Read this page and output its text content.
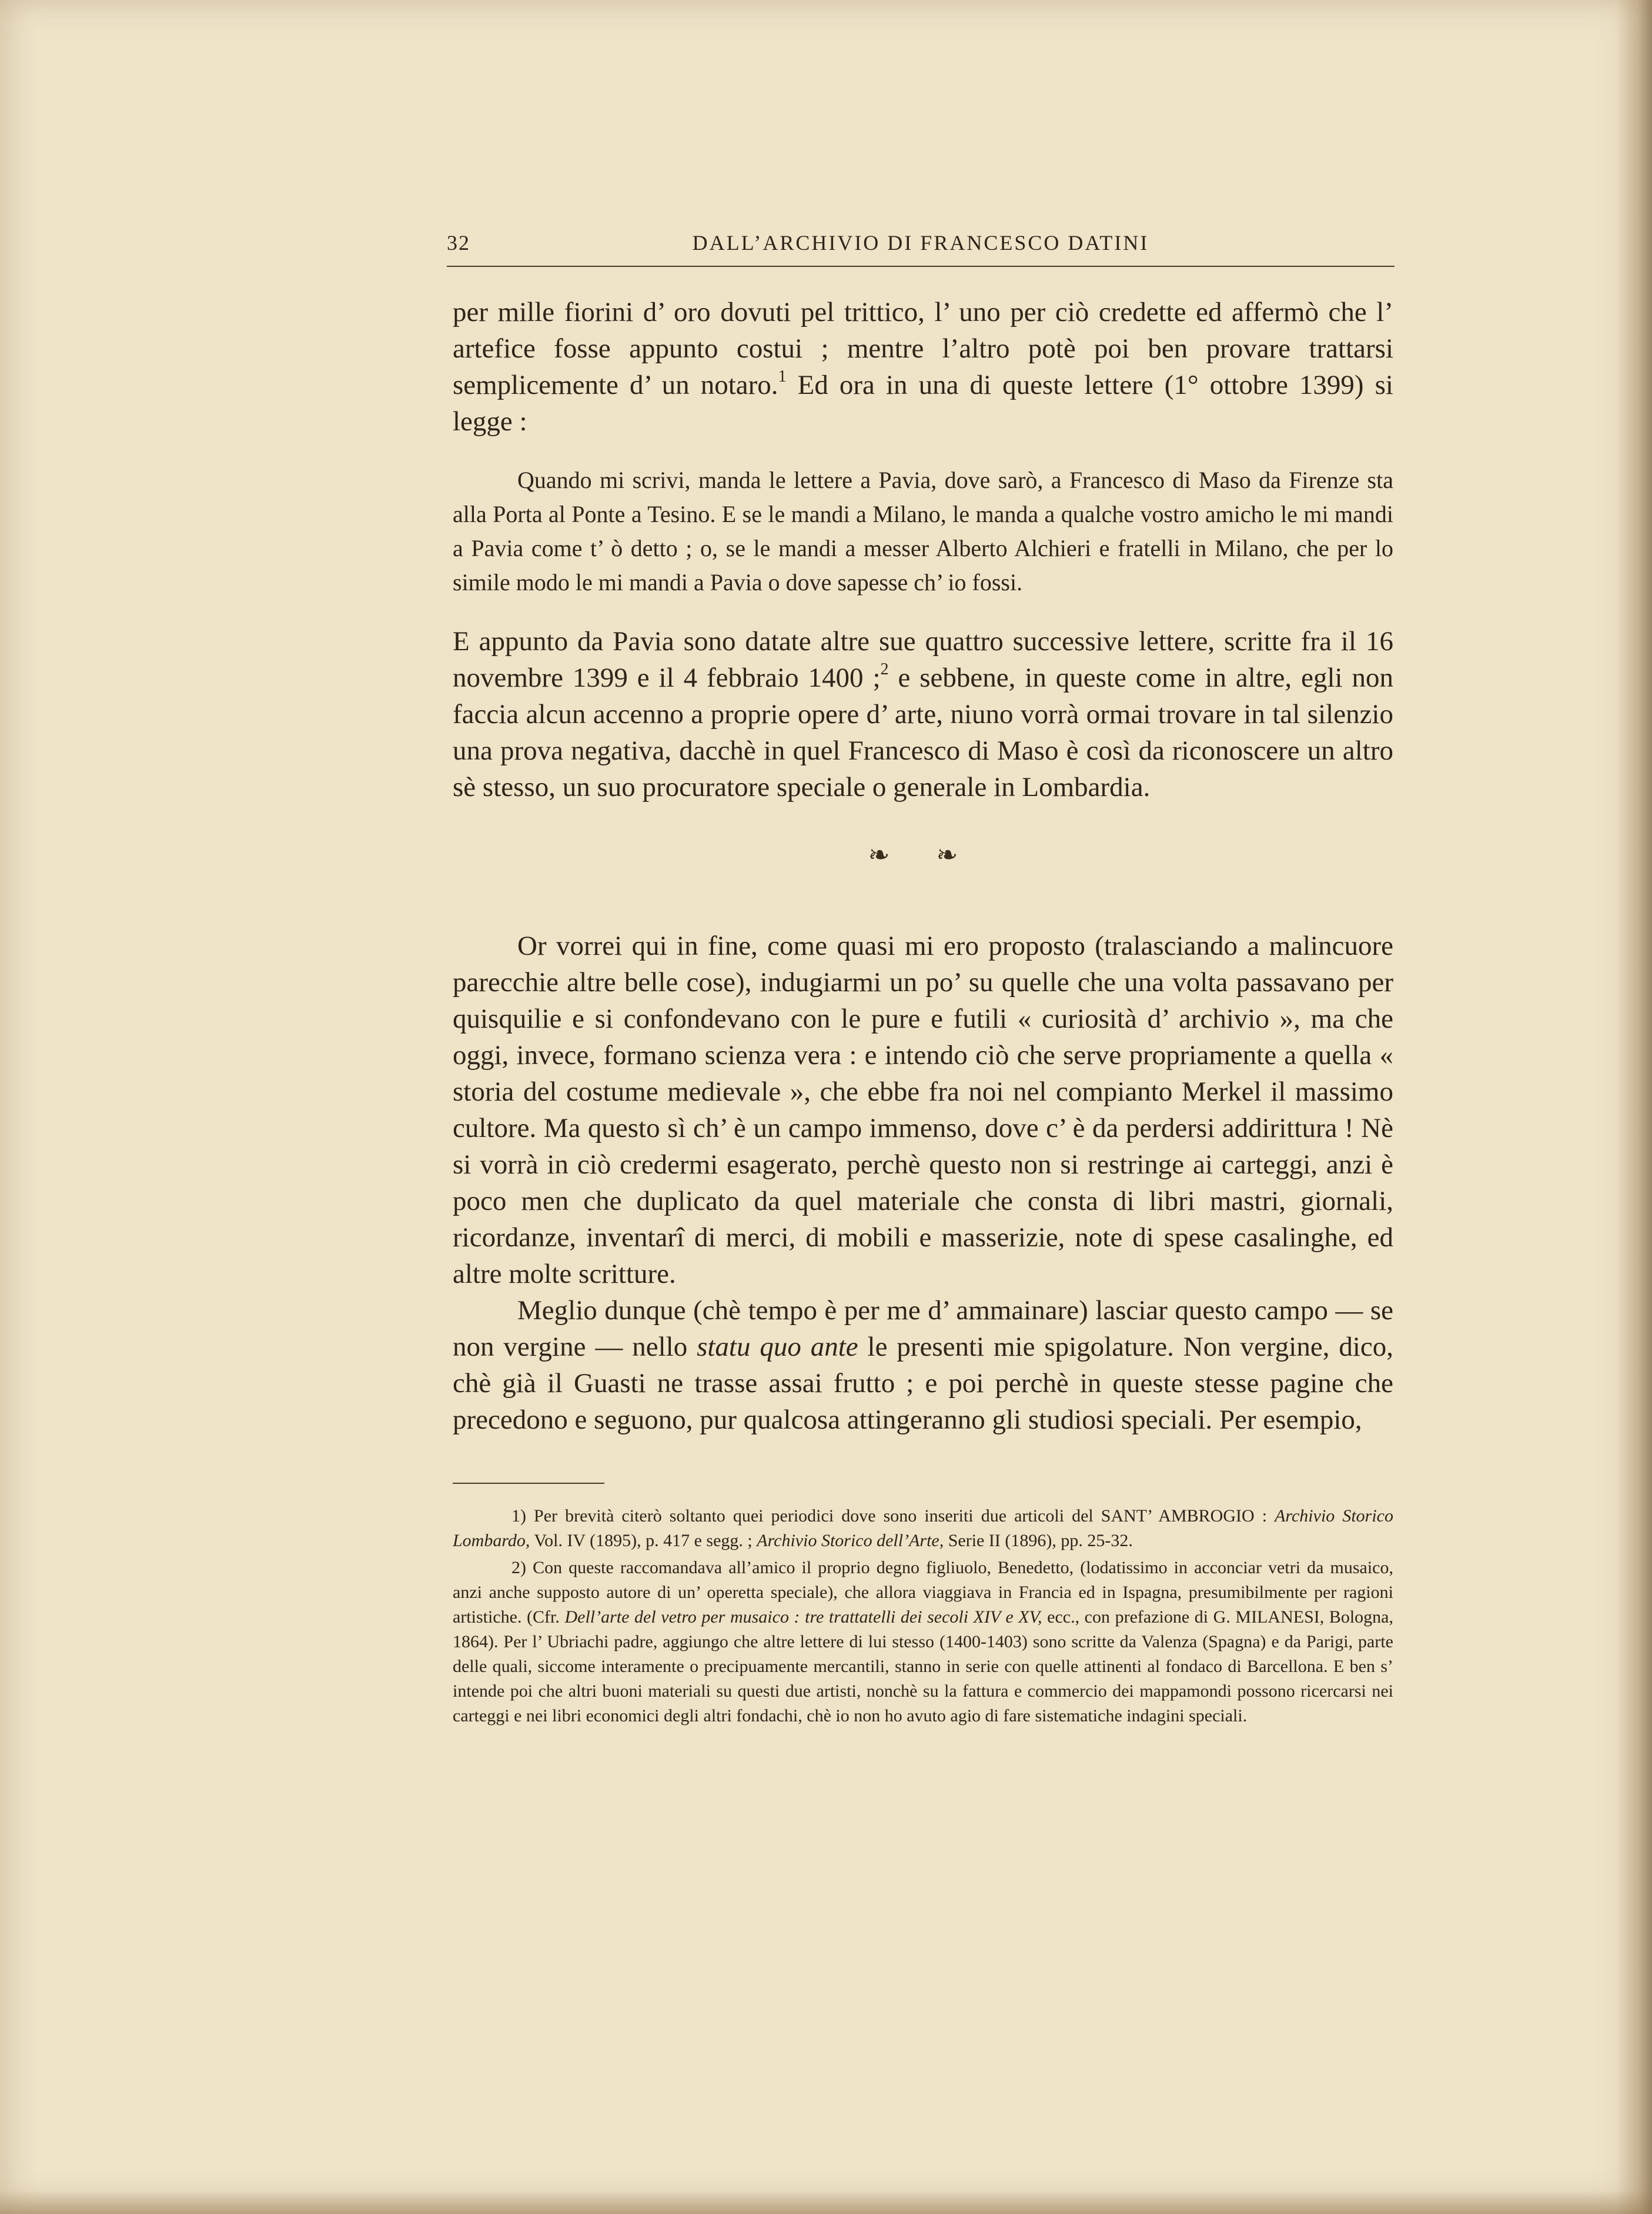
32	DALL’ARCHIVIO DI FRANCESCO DATINI

per mille fiorini d’ oro dovuti pel trittico, l’ uno per ciò credette ed affermò che l’ artefice fosse appunto costui ; mentre l’altro potè poi ben provare trattarsi semplicemente d’ un notaro.$^1$ Ed ora in una di queste lettere (1° ottobre 1399) si legge :

Quando mi scrivi, manda le lettere a Pavia, dove sarò, a Francesco di Maso da Firenze sta alla Porta al Ponte a Tesino. E se le mandi a Milano, le manda a qualche vostro amicho le mi mandi a Pavia come t’ ò detto ; o, se le mandi a messer Alberto Alchieri e fratelli in Milano, che per lo simile modo le mi mandi a Pavia o dove sapesse ch’ io fossi.

E appunto da Pavia sono datate altre sue quattro successive lettere, scritte fra il 16 novembre 1399 e il 4 febbraio 1400 ;$^2$ e sebbene, in queste come in altre, egli non faccia alcun accenno a proprie opere d’ arte, niuno vorrà ormai trovare in tal silenzio una prova negativa, dacchè in quel Francesco di Maso è così da riconoscere un altro sè stesso, un suo procuratore speciale o generale in Lombardia.

❧ ❧

Or vorrei qui in fine, come quasi mi ero proposto (tralasciando a malincuore parecchie altre belle cose), indugiarmi un po’ su quelle che una volta passavano per quisquilie e si confondevano con le pure e futili « curiosità d’ archivio », ma che oggi, invece, formano scienza vera : e intendo ciò che serve propriamente a quella « storia del costume medievale », che ebbe fra noi nel compianto Merkel il massimo cultore. Ma questo sì ch’ è un campo immenso, dove c’ è da perdersi addirittura ! Nè si vorrà in ciò credermi esagerato, perchè questo non si restringe ai carteggi, anzi è poco men che duplicato da quel materiale che consta di libri mastri, giornali, ricordanze, inventarî di merci, di mobili e masserizie, note di spese casalinghe, ed altre molte scritture.

Meglio dunque (chè tempo è per me d’ ammainare) lasciar questo campo — se non vergine — nello statu quo ante le presenti mie spigolature. Non vergine, dico, chè già il Guasti ne trasse assai frutto ; e poi perchè in queste stesse pagine che precedono e seguono, pur qualcosa attingeranno gli studiosi speciali. Per esempio,

1) Per brevità citerò soltanto quei periodici dove sono inseriti due articoli del SANT’ AMBROGIO : Archivio Storico Lombardo, Vol. IV (1895), p. 417 e segg. ; Archivio Storico dell’Arte, Serie II (1896), pp. 25-32.

2) Con queste raccomandava all’amico il proprio degno figliuolo, Benedetto, (lodatissimo in acconciar vetri da musaico, anzi anche supposto autore di un’ operetta speciale), che allora viaggiava in Francia ed in Ispagna, presumibilmente per ragioni artistiche. (Cfr. Dell’arte del vetro per musaico : tre trattatelli dei secoli XIV e XV, ecc., con prefazione di G. MILANESI, Bologna, 1864). Per l’ Ubriachi padre, aggiungo che altre lettere di lui stesso (1400-1403) sono scritte da Valenza (Spagna) e da Parigi, parte delle quali, siccome interamente o precipuamente mercantili, stanno in serie con quelle attinenti al fondaco di Barcellona. E ben s’ intende poi che altri buoni materiali su questi due artisti, nonchè su la fattura e commercio dei mappamondi possono ricercarsi nei carteggi e nei libri economici degli altri fondachi, chè io non ho avuto agio di fare sistematiche indagini speciali.
